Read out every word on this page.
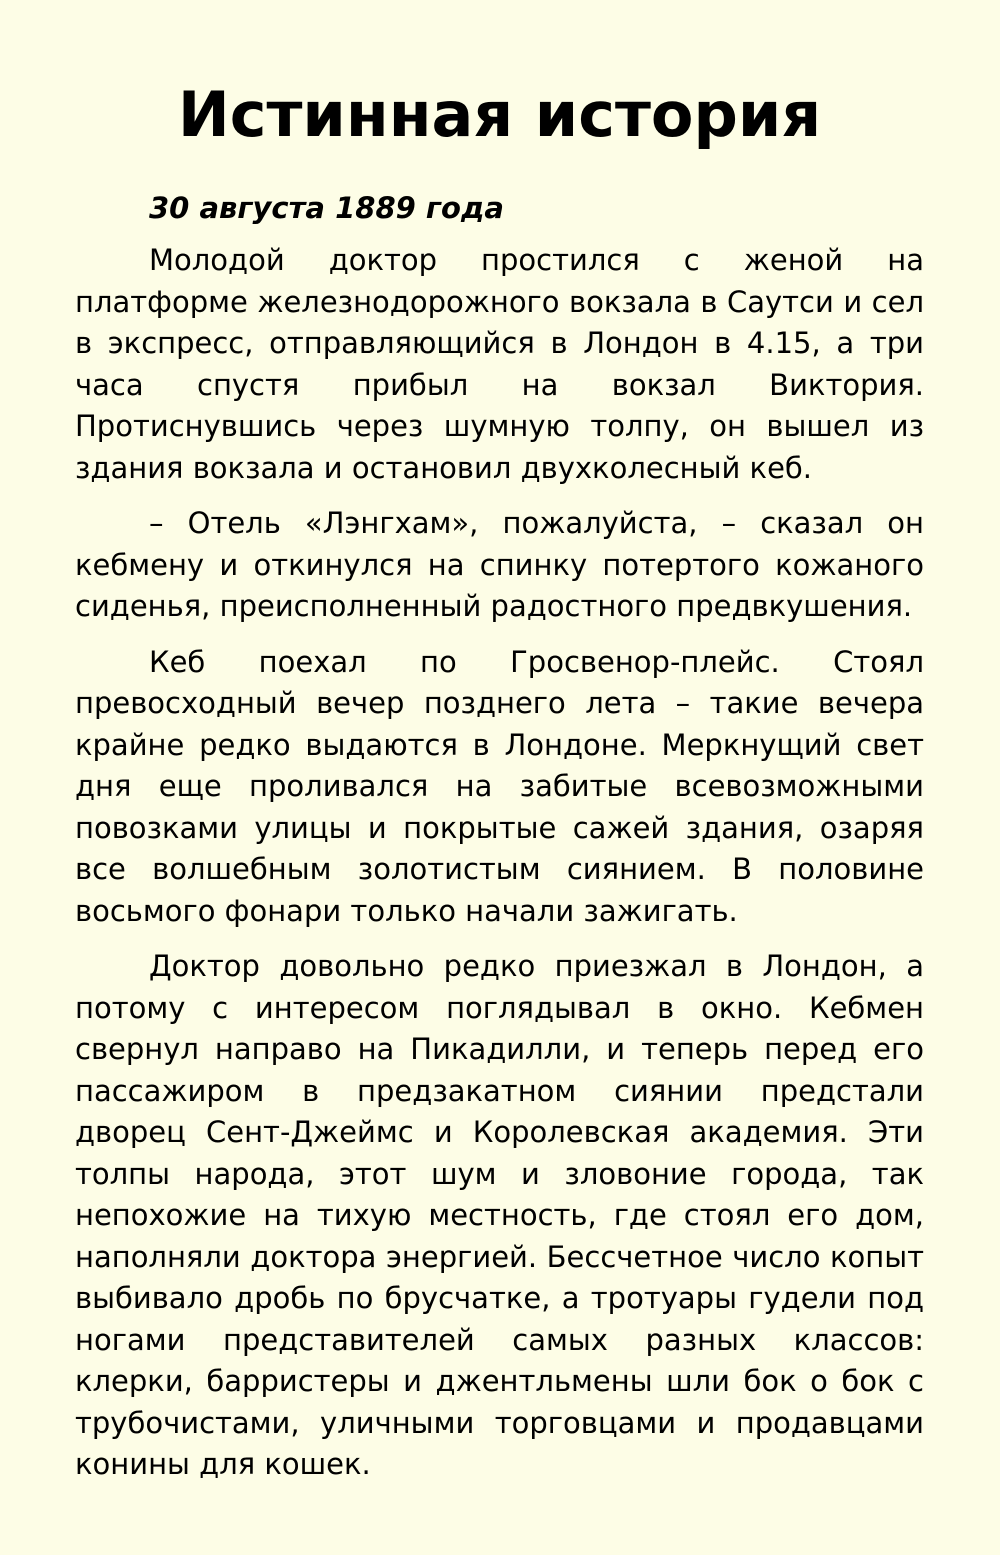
Истинная история

30 августа 1889 года

Молодой доктор простился с женой на платформе железнодорожного вокзала в Саутси и сел в экспресс, отправляющийся в Лондон в 4.15, а три часа спустя прибыл на вокзал Виктория. Протиснувшись через шумную толпу, он вышел из здания вокзала и остановил двухколесный кеб.

– Отель «Лэнгхам», пожалуйста, – сказал он кебмену и откинулся на спинку потертого кожаного сиденья, преисполненный радостного предвкушения.

Кеб поехал по Гросвенор-плейс. Стоял превосходный вечер позднего лета – такие вечера крайне редко выдаются в Лондоне. Меркнущий свет дня еще проливался на забитые всевозможными повозками улицы и покрытые сажей здания, озаряя все волшебным золотистым сиянием. В половине восьмого фонари только начали зажигать.

Доктор довольно редко приезжал в Лондон, а потому с интересом поглядывал в окно. Кебмен свернул направо на Пикадилли, и теперь перед его пассажиром в предзакатном сиянии предстали дворец Сент-Джеймс и Королевская академия. Эти толпы народа, этот шум и зловоние города, так непохожие на тихую местность, где стоял его дом, наполняли доктора энергией. Бессчетное число копыт выбивало дробь по брусчатке, а тротуары гудели под ногами представителей самых разных классов: клерки, барристеры и джентльмены шли бок о бок с трубочистами, уличными торговцами и продавцами конины для кошек.
